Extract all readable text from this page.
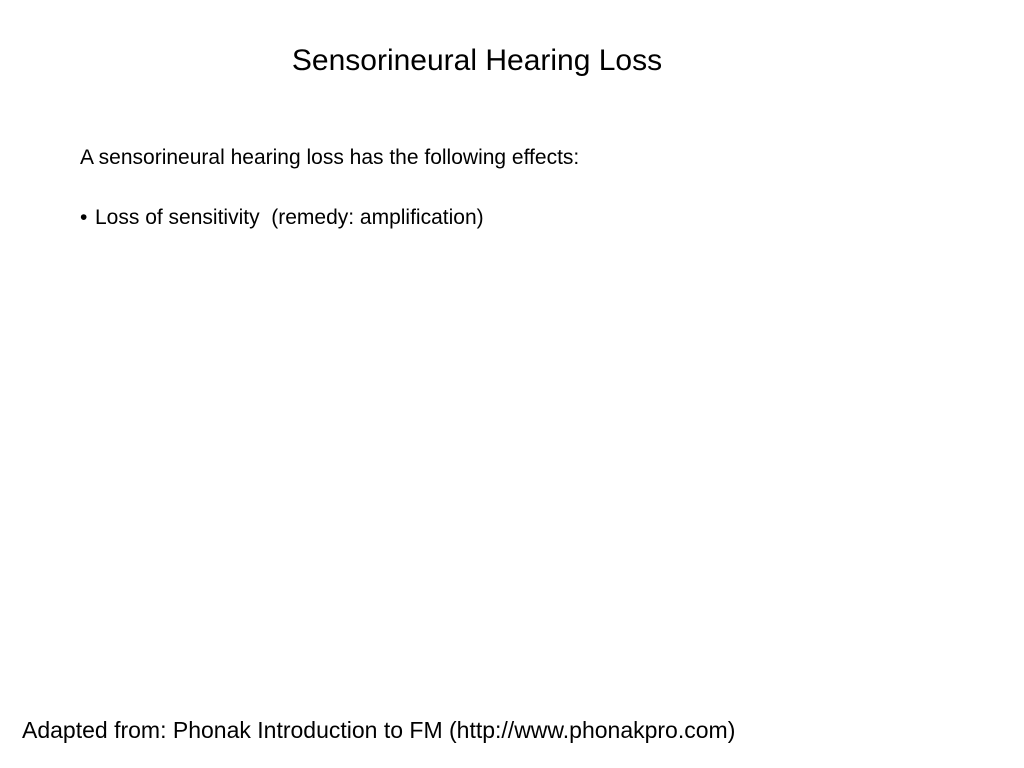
Sensorineural Hearing Loss
A sensorineural hearing loss has the following effects:
• Loss of sensitivity  (remedy: amplification)
Adapted from: Phonak Introduction to FM (http://www.phonakpro.com)
